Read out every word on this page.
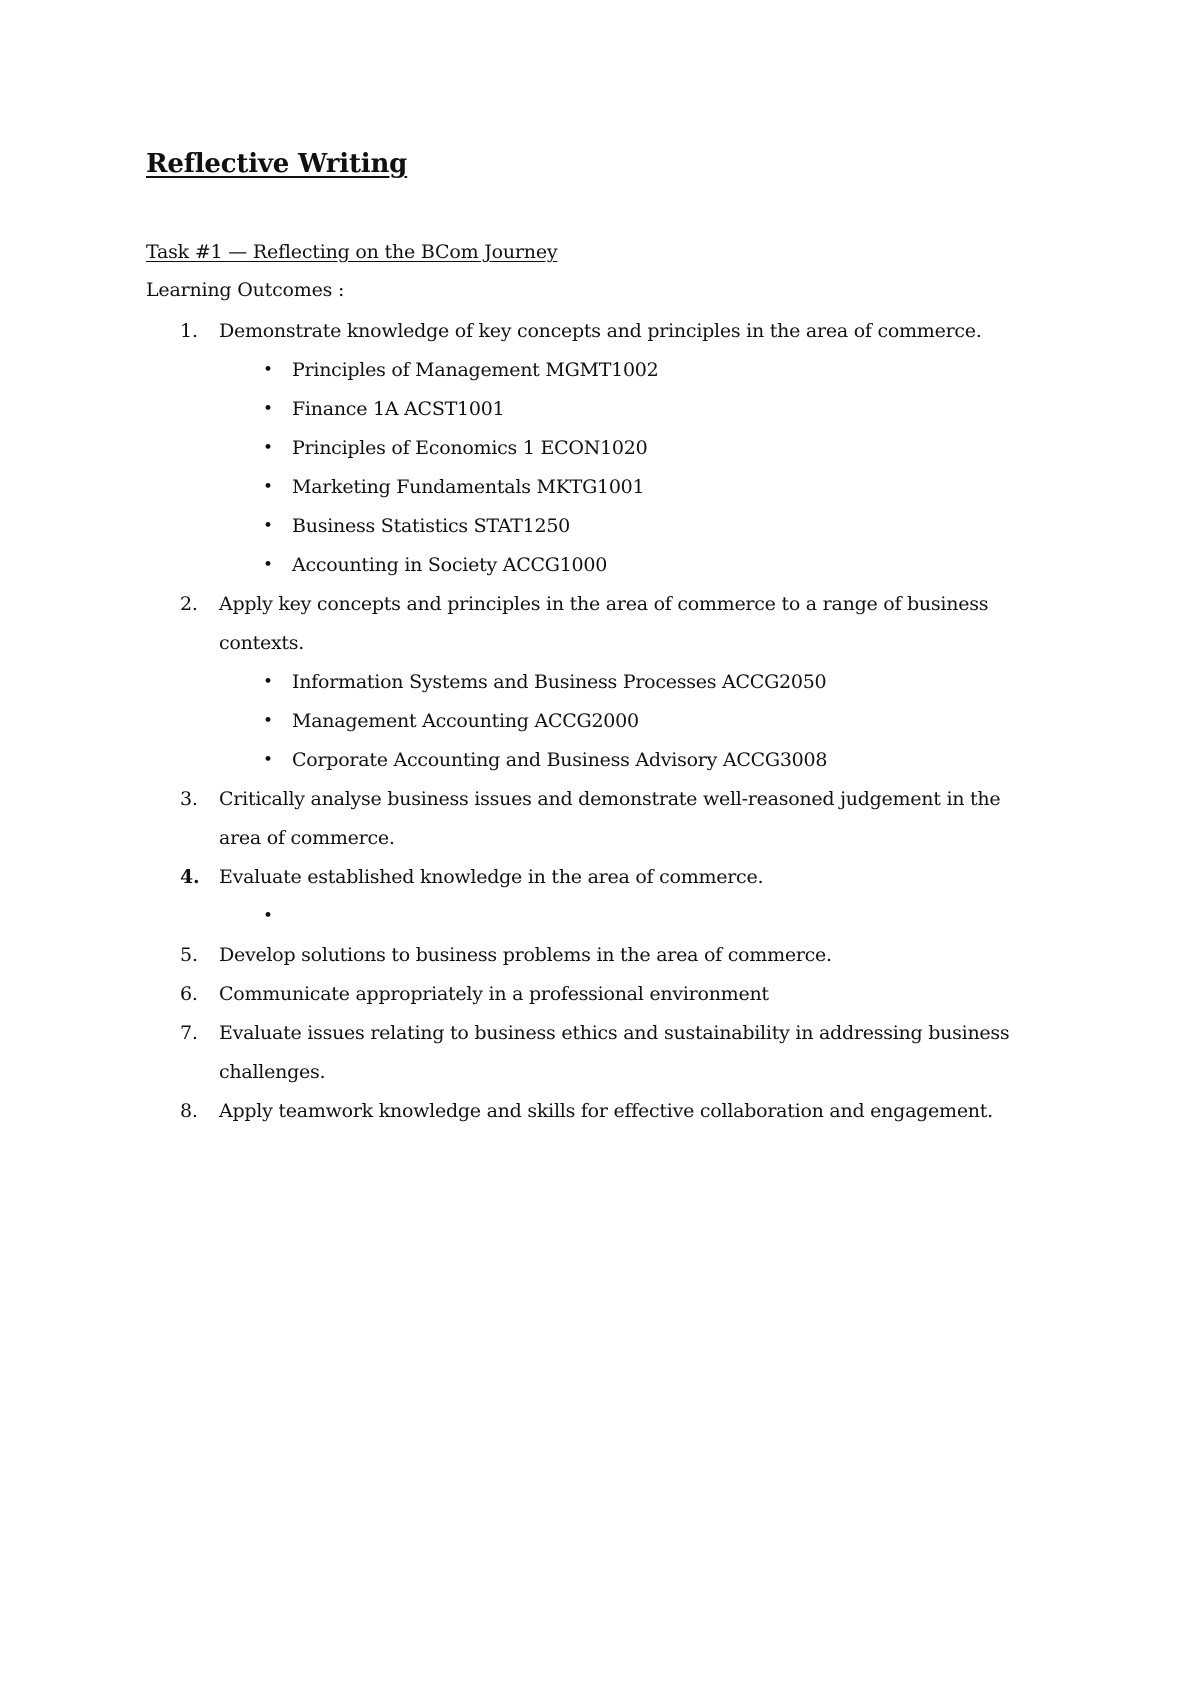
Reflective Writing
Task #1 — Reflecting on the BCom Journey

Learning Outcomes :

1. Demonstrate knowledge of key concepts and principles in the area of commerce.
• Principles of Management MGMT1002
• Finance 1A ACST1001
• Principles of Economics 1 ECON1020
• Marketing Fundamentals MKTG1001
• Business Statistics STAT1250
• Accounting in Society ACCG1000
2. Apply key concepts and principles in the area of commerce to a range of business contexts.
• Information Systems and Business Processes ACCG2050
• Management Accounting ACCG2000
• Corporate Accounting and Business Advisory ACCG3008
3. Critically analyse business issues and demonstrate well-reasoned judgement in the area of commerce.
4. Evaluate established knowledge in the area of commerce.
•
5. Develop solutions to business problems in the area of commerce.
6. Communicate appropriately in a professional environment
7. Evaluate issues relating to business ethics and sustainability in addressing business challenges.
8. Apply teamwork knowledge and skills for effective collaboration and engagement.
